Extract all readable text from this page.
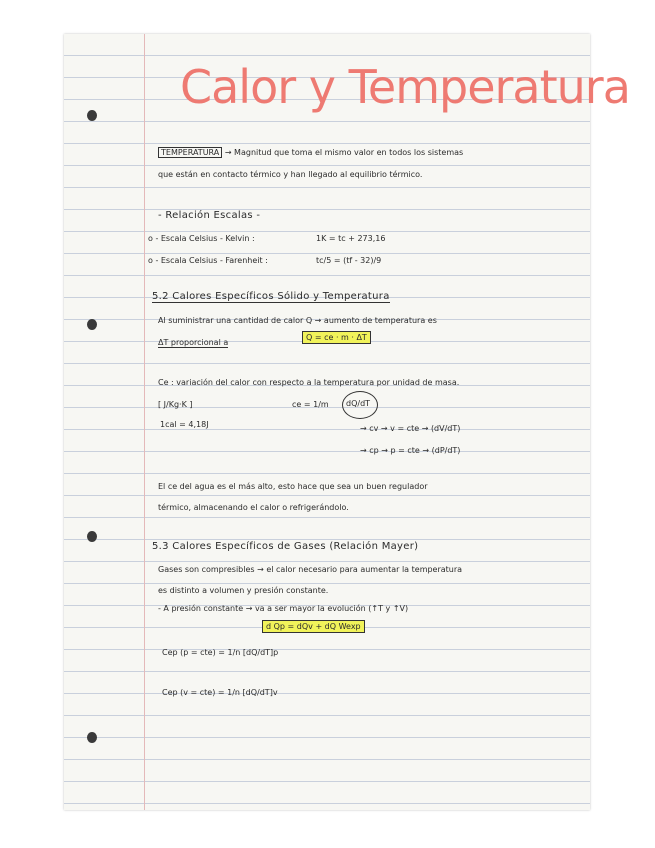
Calor y Temperatura
TEMPERATURA → Magnitud que toma el mismo valor en todos los sistemas
que están en contacto térmico y han llegado al equilibrio térmico.
- Relación Escalas -
o - Escala Celsius - Kelvin :	1K = tc + 273,16
o - Escala Celsius - Farenheit :	tc/5 = (tf - 32)/9
5.2 Calores Específicos Sólido y Temperatura
Al suministrar una cantidad de calor Q → aumento de temperatura es
ΔT proporcional a
Q = ce · m · ΔT
Ce : variación del calor con respecto a la temperatura por unidad de masa.
[ J/Kg·K ]	ce = 1/m dQ/dT
1cal = 4,18J	→ cv → v = cte → (dV/dT)
→ cp → p = cte → (dP/dT)
El ce del agua es el más alto, esto hace que sea un buen regulador
térmico, almacenando el calor o refrigerándolo.
5.3 Calores Específicos de Gases (Relación Mayer)
Gases son compresibles → el calor necesario para aumentar la temperatura
es distinto a volumen y presión constante.
- A presión constante → va a ser mayor la evolución (↑T y ↑V)
d Qp = dQv + dQ Wexp
Cep (p = cte) = 1/n [dQ/dT]p
Cep (v = cte) = 1/n [dQ/dT]v
